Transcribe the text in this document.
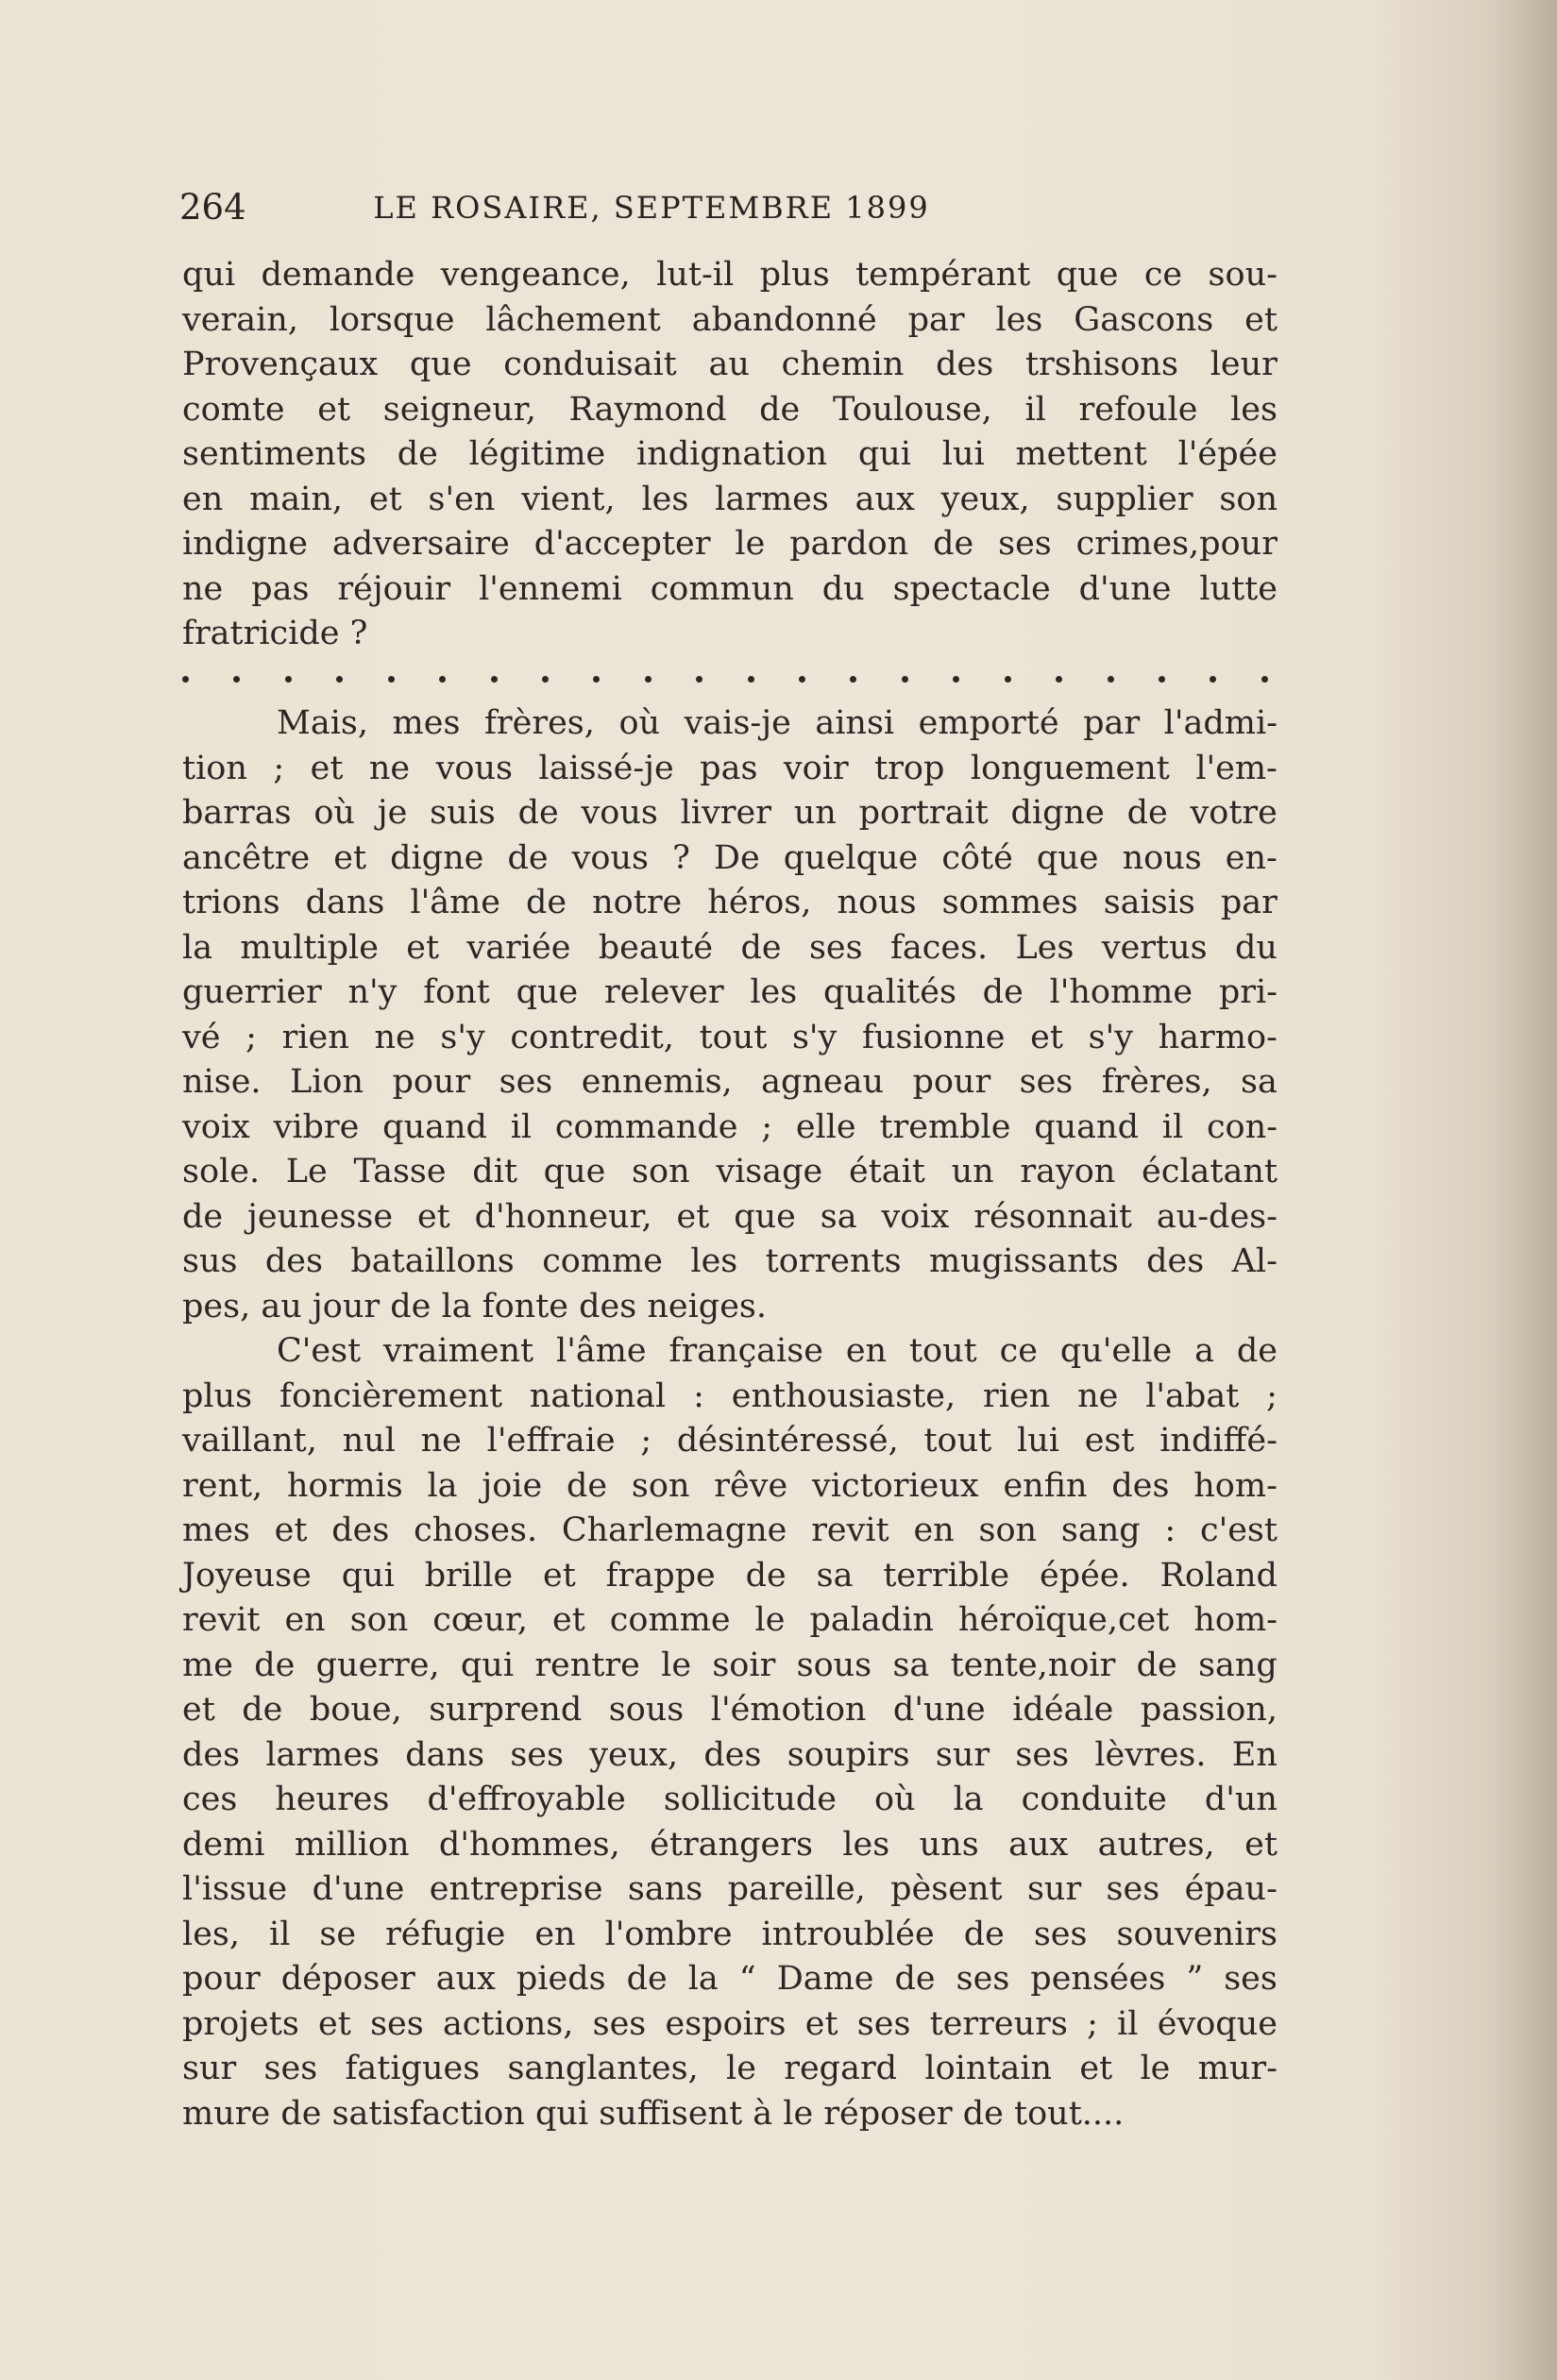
264	LE ROSAIRE, SEPTEMBRE 1899
qui demande vengeance, lut-il plus tempérant que ce sou-
verain, lorsque lâchement abandonné par les Gascons et
Provençaux que conduisait au chemin des trshisons leur
comte et seigneur, Raymond de Toulouse, il refoule les
sentiments de légitime indignation qui lui mettent l'épée
en main, et s'en vient, les larmes aux yeux, supplier son
indigne adversaire d'accepter le pardon de ses crimes,pour
ne pas réjouir l'ennemi commun du spectacle d'une lutte
fratricide ?
Mais, mes frères, où vais-je ainsi emporté par l'admi-
tion ; et ne vous laissé-je pas voir trop longuement l'em-
barras où je suis de vous livrer un portrait digne de votre
ancêtre et digne de vous ? De quelque côté que nous en-
trions dans l'âme de notre héros, nous sommes saisis par
la multiple et variée beauté de ses faces. Les vertus du
guerrier n'y font que relever les qualités de l'homme pri-
vé ; rien ne s'y contredit, tout s'y fusionne et s'y harmo-
nise. Lion pour ses ennemis, agneau pour ses frères, sa
voix vibre quand il commande ; elle tremble quand il con-
sole. Le Tasse dit que son visage était un rayon éclatant
de jeunesse et d'honneur, et que sa voix résonnait au-des-
sus des bataillons comme les torrents mugissants des Al-
pes, au jour de la fonte des neiges.
C'est vraiment l'âme française en tout ce qu'elle a de
plus foncièrement national : enthousiaste, rien ne l'abat ;
vaillant, nul ne l'effraie ; désintéressé, tout lui est indiffé-
rent, hormis la joie de son rêve victorieux enfin des hom-
mes et des choses. Charlemagne revit en son sang : c'est
Joyeuse qui brille et frappe de sa terrible épée. Roland
revit en son cœur, et comme le paladin héroïque,cet hom-
me de guerre, qui rentre le soir sous sa tente,noir de sang
et de boue, surprend sous l'émotion d'une idéale passion,
des larmes dans ses yeux, des soupirs sur ses lèvres. En
ces heures d'effroyable sollicitude où la conduite d'un
demi million d'hommes, étrangers les uns aux autres, et
l'issue d'une entreprise sans pareille, pèsent sur ses épau-
les, il se réfugie en l'ombre introublée de ses souvenirs
pour déposer aux pieds de la “ Dame de ses pensées ” ses
projets et ses actions, ses espoirs et ses terreurs ; il évoque
sur ses fatigues sanglantes, le regard lointain et le mur-
mure de satisfaction qui suffisent à le réposer de tout....
